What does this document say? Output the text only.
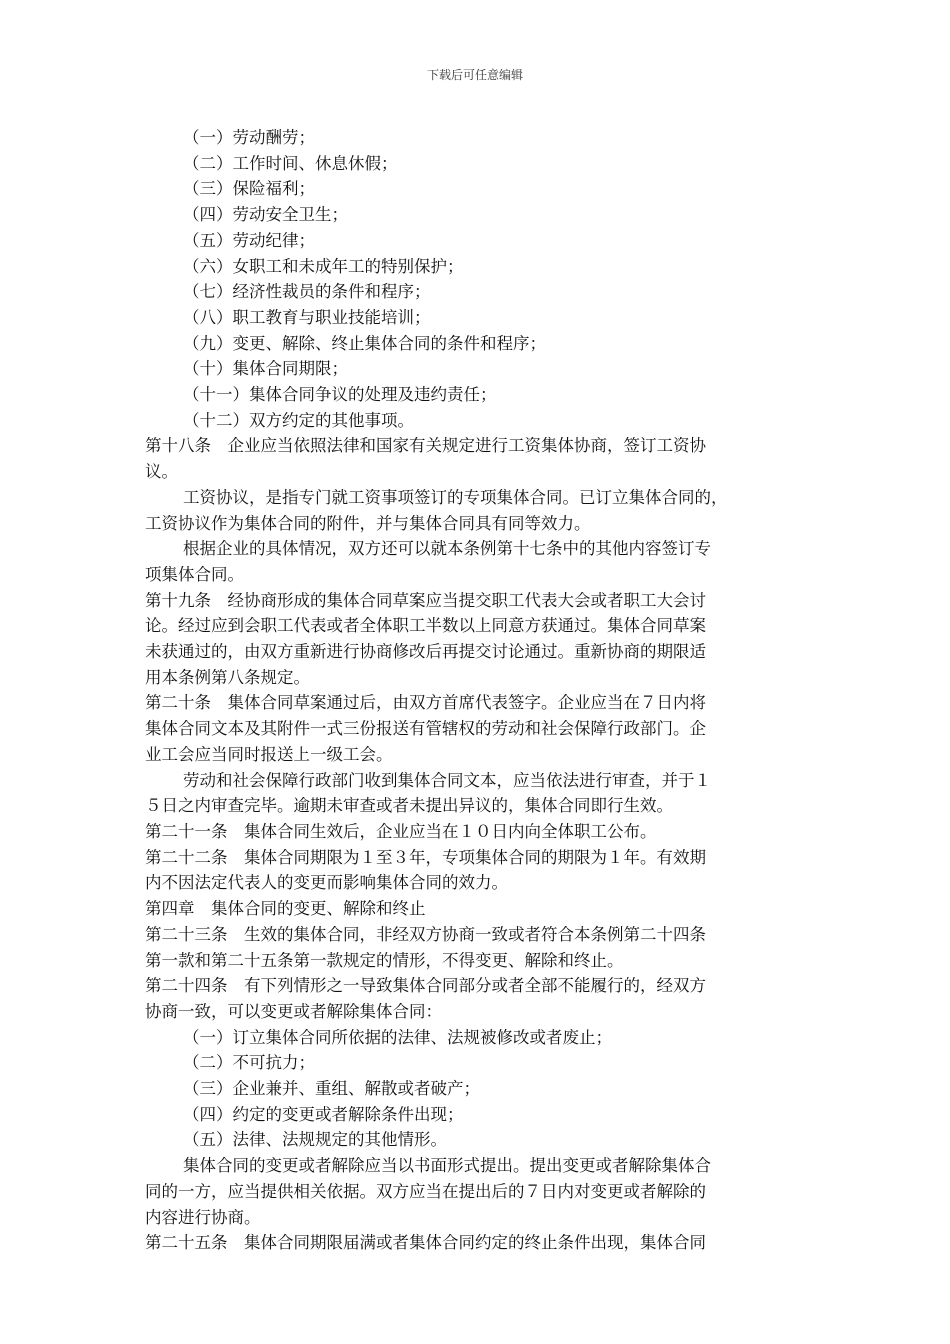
下载后可任意编辑
（一）劳动酬劳；
（二）工作时间、休息休假；
（三）保险福利；
（四）劳动安全卫生；
（五）劳动纪律；
（六）女职工和未成年工的特别保护；
（七）经济性裁员的条件和程序；
（八）职工教育与职业技能培训；
（九）变更、解除、终止集体合同的条件和程序；
（十）集体合同期限；
（十一）集体合同争议的处理及违约责任；
（十二）双方约定的其他事项。
第十八条　企业应当依照法律和国家有关规定进行工资集体协商，签订工资协
议。
工资协议，是指专门就工资事项签订的专项集体合同。已订立集体合同的，
工资协议作为集体合同的附件，并与集体合同具有同等效力。
根据企业的具体情况，双方还可以就本条例第十七条中的其他内容签订专
项集体合同。
第十九条　经协商形成的集体合同草案应当提交职工代表大会或者职工大会讨
论。经过应到会职工代表或者全体职工半数以上同意方获通过。集体合同草案
未获通过的，由双方重新进行协商修改后再提交讨论通过。重新协商的期限适
用本条例第八条规定。
第二十条　集体合同草案通过后，由双方首席代表签字。企业应当在７日内将
集体合同文本及其附件一式三份报送有管辖权的劳动和社会保障行政部门。企
业工会应当同时报送上一级工会。
劳动和社会保障行政部门收到集体合同文本，应当依法进行审查，并于１
５日之内审查完毕。逾期未审查或者未提出异议的，集体合同即行生效。
第二十一条　集体合同生效后，企业应当在１０日内向全体职工公布。
第二十二条　集体合同期限为１至３年，专项集体合同的期限为１年。有效期
内不因法定代表人的变更而影响集体合同的效力。
第四章　集体合同的变更、解除和终止
第二十三条　生效的集体合同，非经双方协商一致或者符合本条例第二十四条
第一款和第二十五条第一款规定的情形，不得变更、解除和终止。
第二十四条　有下列情形之一导致集体合同部分或者全部不能履行的，经双方
协商一致，可以变更或者解除集体合同：
（一）订立集体合同所依据的法律、法规被修改或者废止；
（二）不可抗力；
（三）企业兼并、重组、解散或者破产；
（四）约定的变更或者解除条件出现；
（五）法律、法规规定的其他情形。
集体合同的变更或者解除应当以书面形式提出。提出变更或者解除集体合
同的一方，应当提供相关依据。双方应当在提出后的７日内对变更或者解除的
内容进行协商。
第二十五条　集体合同期限届满或者集体合同约定的终止条件出现，集体合同
